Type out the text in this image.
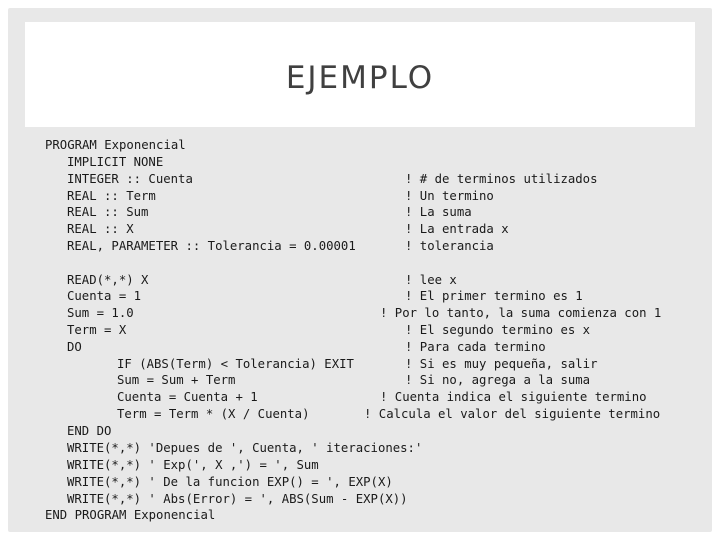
EJEMPLO
PROGRAM Exponencial
IMPLICIT NONE
INTEGER :: Cuenta
REAL :: Term
REAL :: Sum
REAL :: X
REAL, PARAMETER :: Tolerancia = 0.00001
! # de terminos utilizados
! Un termino
! La suma
! La entrada x
! tolerancia
READ(*,*) X
Cuenta = 1
Sum = 1.0
Term = X
DO
! lee x
! El primer termino es 1
! Por lo tanto, la suma comienza con 1
! El segundo termino es x
! Para cada termino
IF (ABS(Term) < Tolerancia) EXIT
Sum = Sum + Term
Cuenta = Cuenta + 1
Term = Term * (X / Cuenta)
! Si es muy pequeña, salir
! Si no, agrega a la suma
! Cuenta indica el siguiente termino
! Calcula el valor del siguiente termino
END DO
WRITE(*,*) 'Depues de ', Cuenta, ' iteraciones:'
WRITE(*,*) ' Exp(', X ,') = ', Sum
WRITE(*,*) ' De la funcion EXP() = ', EXP(X)
WRITE(*,*) ' Abs(Error) = ', ABS(Sum - EXP(X))
END PROGRAM Exponencial
